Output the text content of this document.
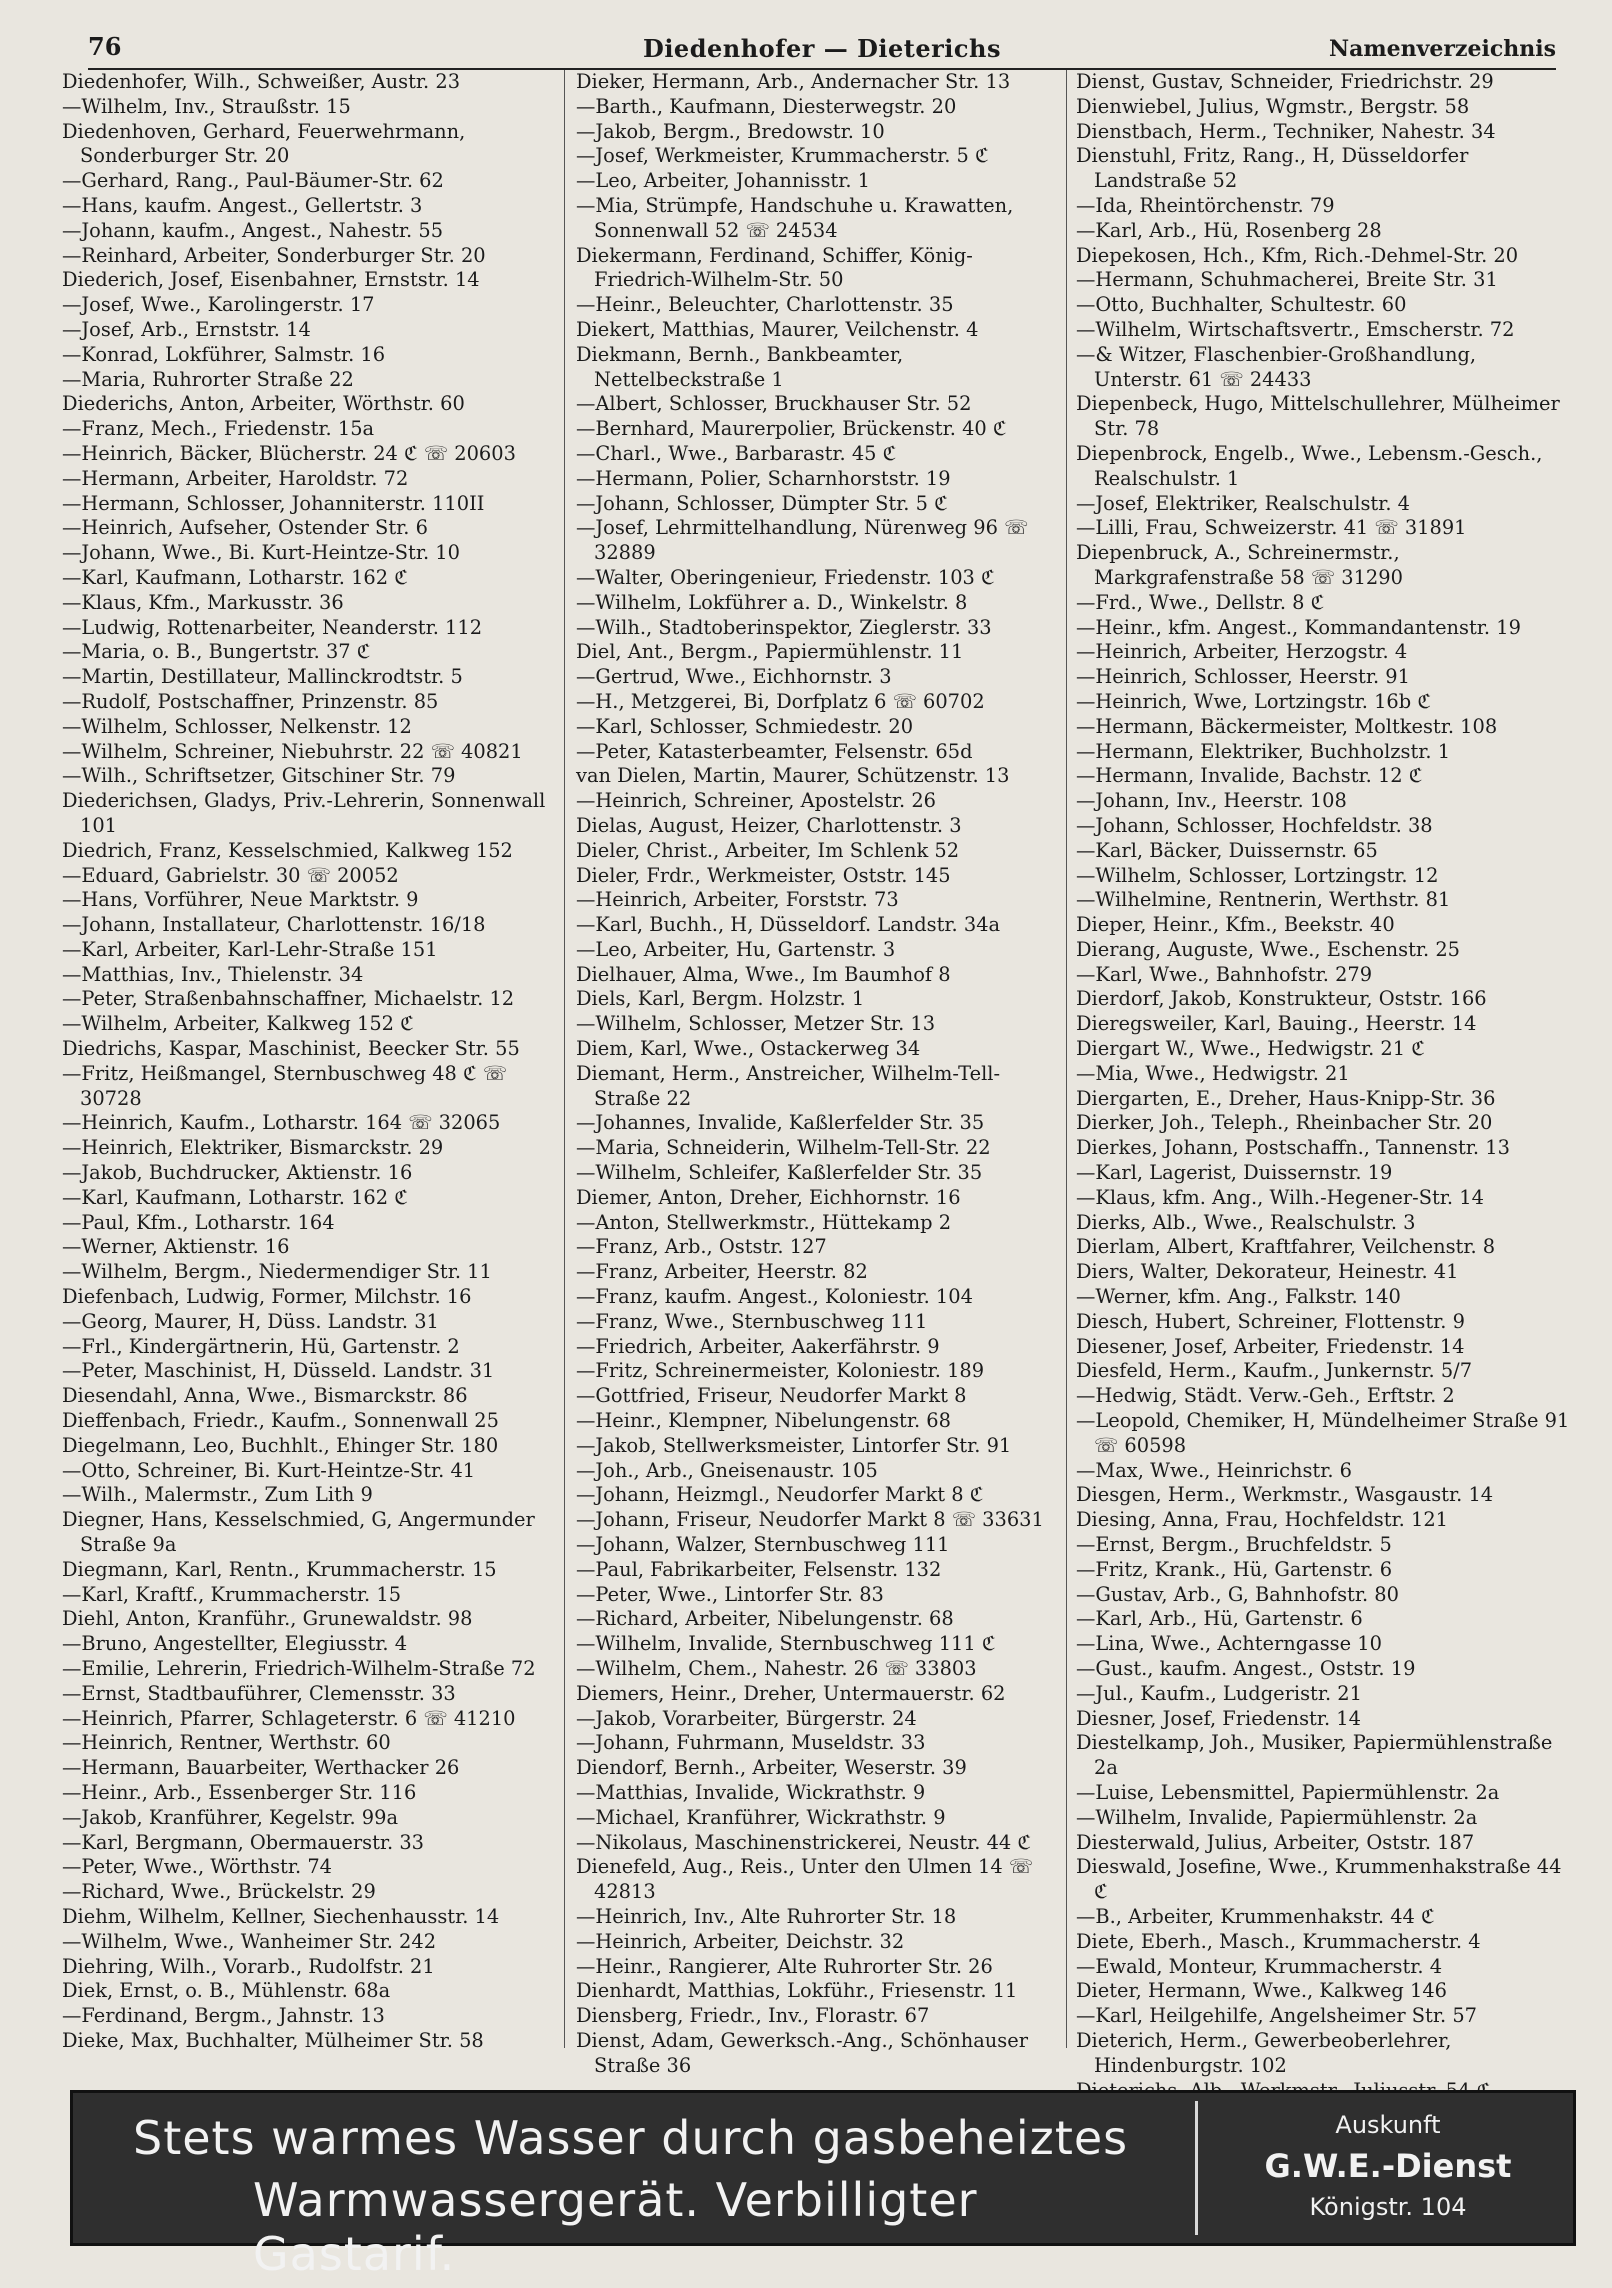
76	Diedenhofer — Dieterichs	Namenverzeichnis
Diedenhofer, Wilh., Schweißer, Austr. 23
—Wilhelm, Inv., Straußstr. 15
Diedenhoven, Gerhard, Feuerwehrmann, Sonderburger Str. 20
—Gerhard, Rang., Paul-Bäumer-Str. 62
—Hans, kaufm. Angest., Gellertstr. 3
—Johann, kaufm., Angest., Nahestr. 55
—Reinhard, Arbeiter, Sonderburger Str. 20
Diederich, Josef, Eisenbahner, Ernststr. 14
—Josef, Wwe., Karolingerstr. 17
—Josef, Arb., Ernststr. 14
—Konrad, Lokführer, Salmstr. 16
—Maria, Ruhrorter Straße 22
Diederichs, Anton, Arbeiter, Wörthstr. 60
—Franz, Mech., Friedenstr. 15a
—Heinrich, Bäcker, Blücherstr. 24 ℭ ☏ 20603
—Hermann, Arbeiter, Haroldstr. 72
—Hermann, Schlosser, Johanniterstr. 110II
—Heinrich, Aufseher, Ostender Str. 6
—Johann, Wwe., Bi. Kurt-Heintze-Str. 10
—Karl, Kaufmann, Lotharstr. 162 ℭ
—Klaus, Kfm., Markusstr. 36
—Ludwig, Rottenarbeiter, Neanderstr. 112
—Maria, o. B., Bungertstr. 37 ℭ
—Martin, Destillateur, Mallinckrodtstr. 5
—Rudolf, Postschaffner, Prinzenstr. 85
—Wilhelm, Schlosser, Nelkenstr. 12
—Wilhelm, Schreiner, Niebuhrstr. 22 ☏ 40821
—Wilh., Schriftsetzer, Gitschiner Str. 79
Diederichsen, Gladys, Priv.-Lehrerin, Sonnenwall 101
Diedrich, Franz, Kesselschmied, Kalkweg 152
—Eduard, Gabrielstr. 30 ☏ 20052
—Hans, Vorführer, Neue Marktstr. 9
—Johann, Installateur, Charlottenstr. 16/18
—Karl, Arbeiter, Karl-Lehr-Straße 151
—Matthias, Inv., Thielenstr. 34
—Peter, Straßenbahnschaffner, Michaelstr. 12
—Wilhelm, Arbeiter, Kalkweg 152 ℭ
Diedrichs, Kaspar, Maschinist, Beecker Str. 55
—Fritz, Heißmangel, Sternbuschweg 48 ℭ ☏ 30728
—Heinrich, Kaufm., Lotharstr. 164 ☏ 32065
—Heinrich, Elektriker, Bismarckstr. 29
—Jakob, Buchdrucker, Aktienstr. 16
—Karl, Kaufmann, Lotharstr. 162 ℭ
—Paul, Kfm., Lotharstr. 164
—Werner, Aktienstr. 16
—Wilhelm, Bergm., Niedermendiger Str. 11
Diefenbach, Ludwig, Former, Milchstr. 16
—Georg, Maurer, H, Düss. Landstr. 31
—Frl., Kindergärtnerin, Hü, Gartenstr. 2
—Peter, Maschinist, H, Düsseld. Landstr. 31
Diesendahl, Anna, Wwe., Bismarckstr. 86
Dieffenbach, Friedr., Kaufm., Sonnenwall 25
Diegelmann, Leo, Buchhlt., Ehinger Str. 180
—Otto, Schreiner, Bi. Kurt-Heintze-Str. 41
—Wilh., Malermstr., Zum Lith 9
Diegner, Hans, Kesselschmied, G, Angermunder Straße 9a
Diegmann, Karl, Rentn., Krummacherstr. 15
—Karl, Kraftf., Krummacherstr. 15
Diehl, Anton, Kranführ., Grunewaldstr. 98
—Bruno, Angestellter, Elegiusstr. 4
—Emilie, Lehrerin, Friedrich-Wilhelm-Straße 72
—Ernst, Stadtbauführer, Clemensstr. 33
—Heinrich, Pfarrer, Schlageterstr. 6 ☏ 41210
—Heinrich, Rentner, Werthstr. 60
—Hermann, Bauarbeiter, Werthacker 26
—Heinr., Arb., Essenberger Str. 116
—Jakob, Kranführer, Kegelstr. 99a
—Karl, Bergmann, Obermauerstr. 33
—Peter, Wwe., Wörthstr. 74
—Richard, Wwe., Brückelstr. 29
Diehm, Wilhelm, Kellner, Siechenhausstr. 14
—Wilhelm, Wwe., Wanheimer Str. 242
Diehring, Wilh., Vorarb., Rudolfstr. 21
Diek, Ernst, o. B., Mühlenstr. 68a
—Ferdinand, Bergm., Jahnstr. 13
Dieke, Max, Buchhalter, Mülheimer Str. 58
Dieker, Hermann, Arb., Andernacher Str. 13
—Barth., Kaufmann, Diesterwegstr. 20
—Jakob, Bergm., Bredowstr. 10
—Josef, Werkmeister, Krummacherstr. 5 ℭ
—Leo, Arbeiter, Johannisstr. 1
—Mia, Strümpfe, Handschuhe u. Krawatten, Sonnenwall 52 ☏ 24534
Diekermann, Ferdinand, Schiffer, König-Friedrich-Wilhelm-Str. 50
—Heinr., Beleuchter, Charlottenstr. 35
Diekert, Matthias, Maurer, Veilchenstr. 4
Diekmann, Bernh., Bankbeamter, Nettelbeckstraße 1
—Albert, Schlosser, Bruckhauser Str. 52
—Bernhard, Maurerpolier, Brückenstr. 40 ℭ
—Charl., Wwe., Barbarastr. 45 ℭ
—Hermann, Polier, Scharnhorststr. 19
—Johann, Schlosser, Dümpter Str. 5 ℭ
—Josef, Lehrmittelhandlung, Nürenweg 96 ☏ 32889
—Walter, Oberingenieur, Friedenstr. 103 ℭ
—Wilhelm, Lokführer a. D., Winkelstr. 8
—Wilh., Stadtoberinspektor, Zieglerstr. 33
Diel, Ant., Bergm., Papiermühlenstr. 11
—Gertrud, Wwe., Eichhornstr. 3
—H., Metzgerei, Bi, Dorfplatz 6 ☏ 60702
—Karl, Schlosser, Schmiedestr. 20
—Peter, Katasterbeamter, Felsenstr. 65d
van Dielen, Martin, Maurer, Schützenstr. 13
—Heinrich, Schreiner, Apostelstr. 26
Dielas, August, Heizer, Charlottenstr. 3
Dieler, Christ., Arbeiter, Im Schlenk 52
Dieler, Frdr., Werkmeister, Oststr. 145
—Heinrich, Arbeiter, Forststr. 73
—Karl, Buchh., H, Düsseldorf. Landstr. 34a
—Leo, Arbeiter, Hu, Gartenstr. 3
Dielhauer, Alma, Wwe., Im Baumhof 8
Diels, Karl, Bergm. Holzstr. 1
—Wilhelm, Schlosser, Metzer Str. 13
Diem, Karl, Wwe., Ostackerweg 34
Diemant, Herm., Anstreicher, Wilhelm-Tell-Straße 22
—Johannes, Invalide, Kaßlerfelder Str. 35
—Maria, Schneiderin, Wilhelm-Tell-Str. 22
—Wilhelm, Schleifer, Kaßlerfelder Str. 35
Diemer, Anton, Dreher, Eichhornstr. 16
—Anton, Stellwerkmstr., Hüttekamp 2
—Franz, Arb., Oststr. 127
—Franz, Arbeiter, Heerstr. 82
—Franz, kaufm. Angest., Koloniestr. 104
—Franz, Wwe., Sternbuschweg 111
—Friedrich, Arbeiter, Aakerfährstr. 9
—Fritz, Schreinermeister, Koloniestr. 189
—Gottfried, Friseur, Neudorfer Markt 8
—Heinr., Klempner, Nibelungenstr. 68
—Jakob, Stellwerksmeister, Lintorfer Str. 91
—Joh., Arb., Gneisenaustr. 105
—Johann, Heizmgl., Neudorfer Markt 8 ℭ
—Johann, Friseur, Neudorfer Markt 8 ☏ 33631
—Johann, Walzer, Sternbuschweg 111
—Paul, Fabrikarbeiter, Felsenstr. 132
—Peter, Wwe., Lintorfer Str. 83
—Richard, Arbeiter, Nibelungenstr. 68
—Wilhelm, Invalide, Sternbuschweg 111 ℭ
—Wilhelm, Chem., Nahestr. 26 ☏ 33803
Diemers, Heinr., Dreher, Untermauerstr. 62
—Jakob, Vorarbeiter, Bürgerstr. 24
—Johann, Fuhrmann, Museldstr. 33
Diendorf, Bernh., Arbeiter, Weserstr. 39
—Matthias, Invalide, Wickrathstr. 9
—Michael, Kranführer, Wickrathstr. 9
—Nikolaus, Maschinenstrickerei, Neustr. 44 ℭ
Dienefeld, Aug., Reis., Unter den Ulmen 14 ☏ 42813
—Heinrich, Inv., Alte Ruhrorter Str. 18
—Heinrich, Arbeiter, Deichstr. 32
—Heinr., Rangierer, Alte Ruhrorter Str. 26
Dienhardt, Matthias, Lokführ., Friesenstr. 11
Diensberg, Friedr., Inv., Florastr. 67
Dienst, Adam, Gewerksch.-Ang., Schönhauser Straße 36
Dienst, Gustav, Schneider, Friedrichstr. 29
Dienwiebel, Julius, Wgmstr., Bergstr. 58
Dienstbach, Herm., Techniker, Nahestr. 34
Dienstuhl, Fritz, Rang., H, Düsseldorfer Landstraße 52
—Ida, Rheintörchenstr. 79
—Karl, Arb., Hü, Rosenberg 28
Diepekosen, Hch., Kfm, Rich.-Dehmel-Str. 20
—Hermann, Schuhmacherei, Breite Str. 31
—Otto, Buchhalter, Schultestr. 60
—Wilhelm, Wirtschaftsvertr., Emscherstr. 72
—& Witzer, Flaschenbier-Großhandlung, Unterstr. 61 ☏ 24433
Diepenbeck, Hugo, Mittelschullehrer, Mülheimer Str. 78
Diepenbrock, Engelb., Wwe., Lebensm.-Gesch., Realschulstr. 1
—Josef, Elektriker, Realschulstr. 4
—Lilli, Frau, Schweizerstr. 41 ☏ 31891
Diepenbruck, A., Schreinermstr., Markgrafenstraße 58 ☏ 31290
—Frd., Wwe., Dellstr. 8 ℭ
—Heinr., kfm. Angest., Kommandantenstr. 19
—Heinrich, Arbeiter, Herzogstr. 4
—Heinrich, Schlosser, Heerstr. 91
—Heinrich, Wwe, Lortzingstr. 16b ℭ
—Hermann, Bäckermeister, Moltkestr. 108
—Hermann, Elektriker, Buchholzstr. 1
—Hermann, Invalide, Bachstr. 12 ℭ
—Johann, Inv., Heerstr. 108
—Johann, Schlosser, Hochfeldstr. 38
—Karl, Bäcker, Duissernstr. 65
—Wilhelm, Schlosser, Lortzingstr. 12
—Wilhelmine, Rentnerin, Werthstr. 81
Dieper, Heinr., Kfm., Beekstr. 40
Dierang, Auguste, Wwe., Eschenstr. 25
—Karl, Wwe., Bahnhofstr. 279
Dierdorf, Jakob, Konstrukteur, Oststr. 166
Dieregsweiler, Karl, Bauing., Heerstr. 14
Diergart W., Wwe., Hedwigstr. 21 ℭ
—Mia, Wwe., Hedwigstr. 21
Diergarten, E., Dreher, Haus-Knipp-Str. 36
Dierker, Joh., Teleph., Rheinbacher Str. 20
Dierkes, Johann, Postschaffn., Tannenstr. 13
—Karl, Lagerist, Duissernstr. 19
—Klaus, kfm. Ang., Wilh.-Hegener-Str. 14
Dierks, Alb., Wwe., Realschulstr. 3
Dierlam, Albert, Kraftfahrer, Veilchenstr. 8
Diers, Walter, Dekorateur, Heinestr. 41
—Werner, kfm. Ang., Falkstr. 140
Diesch, Hubert, Schreiner, Flottenstr. 9
Diesener, Josef, Arbeiter, Friedenstr. 14
Diesfeld, Herm., Kaufm., Junkernstr. 5/7
—Hedwig, Städt. Verw.-Geh., Erftstr. 2
—Leopold, Chemiker, H, Mündelheimer Straße 91 ☏ 60598
—Max, Wwe., Heinrichstr. 6
Diesgen, Herm., Werkmstr., Wasgaustr. 14
Diesing, Anna, Frau, Hochfeldstr. 121
—Ernst, Bergm., Bruchfeldstr. 5
—Fritz, Krank., Hü, Gartenstr. 6
—Gustav, Arb., G, Bahnhofstr. 80
—Karl, Arb., Hü, Gartenstr. 6
—Lina, Wwe., Achterngasse 10
—Gust., kaufm. Angest., Oststr. 19
—Jul., Kaufm., Ludgeristr. 21
Diesner, Josef, Friedenstr. 14
Diestelkamp, Joh., Musiker, Papiermühlenstraße 2a
—Luise, Lebensmittel, Papiermühlenstr. 2a
—Wilhelm, Invalide, Papiermühlenstr. 2a
Diesterwald, Julius, Arbeiter, Oststr. 187
Dieswald, Josefine, Wwe., Krummenhakstraße 44 ℭ
—B., Arbeiter, Krummenhakstr. 44 ℭ
Diete, Eberh., Masch., Krummacherstr. 4
—Ewald, Monteur, Krummacherstr. 4
Dieter, Hermann, Wwe., Kalkweg 146
—Karl, Heilgehilfe, Angelsheimer Str. 57
Dieterich, Herm., Gewerbeoberlehrer, Hindenburgstr. 102
Stets warmes Wasser durch gasbeheiztes
Warmwassergerät. Verbilligter Gastarif.
Auskunft
G.W.E.-Dienst
Königstr. 104
